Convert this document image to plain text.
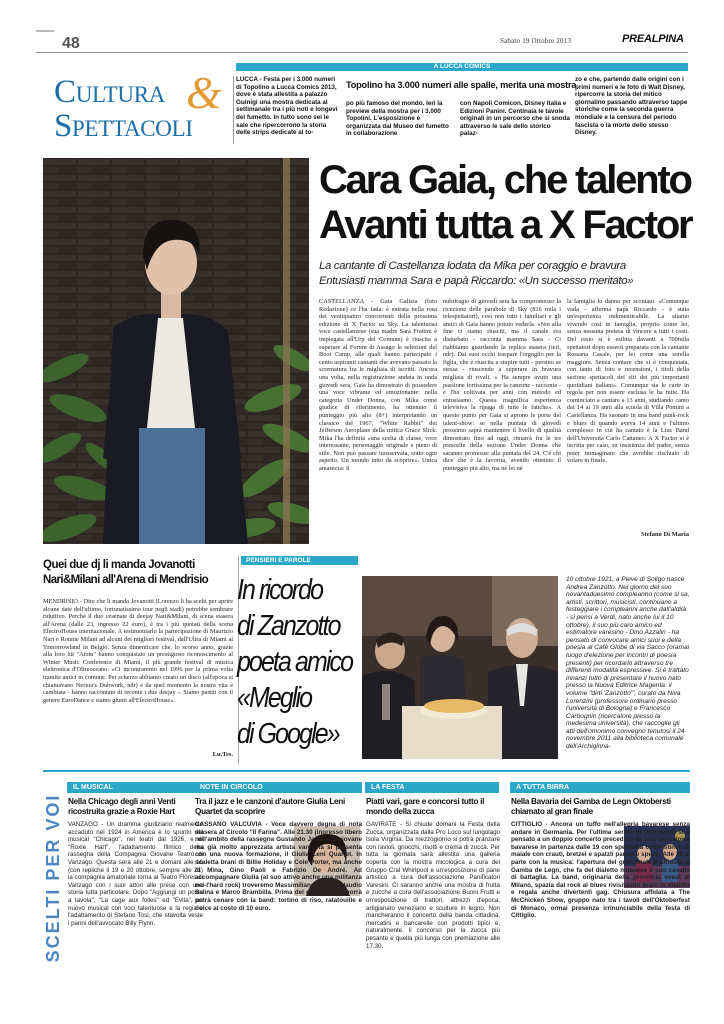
48	Sabato 19 Ottobre 2013	PREALPINA
A LUCCA COMICS
Cultura &
Spettacoli
LUCCA - Festa per i 3.000 numeri di Topolino a Lucca Comics 2013, dove è stata allestita a palazzo Guinigi una mostra dedicata al settimanale tra i più noti e longevi del fumetto. In tutto sono sei le sale che ripercorrono la storia delle strips dedicate al to-
Topolino ha 3.000 numeri alle spalle, merita una mostra
po più famoso del mondo. Ieri la preview della mostra per i 3.000 Topolini. L'esposizione è organizzata dal Museo del fumetto in collaborazione
con Napoli Comicon, Disney Italia e Edizioni Panini. Centinaia le tavole originali in un percorso che si snoda attraverso le sale dello storico palaz-
zo e che, partendo dalle origini con i primi numeri e le foto di Walt Disney, ripercorre la storia del mitico giornalino passando attraverso tappe storiche come la seconda guerra mondiale e la censura del periodo fascista o la morte dello stesso Disney.
Cara Gaia, che talento
Avanti tutta a X Factor
La cantante di Castellanza lodata da Mika per coraggio e bravura
Entusiasti mamma Sara e papà Riccardo: «Un successo meritato»
CASTELLANZA - Gaia Galizia (foto Redazione) ce l'ha fatta: è entrata nella rosa dei ventiquattro concorrenti della prossima edizione di X Factor su Sky. La talentuosa voce castellanzese (sua madre Sara Frattini è impiegata all'Urp del Comune) è riuscita a superare al Forum di Assago le selezioni del Boot Camp, alle quali hanno partecipato i cento aspiranti cantanti che avevano passato la scrematura fra le migliaia di iscritti. Ancora una volta, nella registrazione andata in onda giovedì sera, Gaia ha dimostrato di possedere una voce vibrante ed emozionante: nella categoria Under Donna, con Mika come giudice di riferimento, ha ottenuto il punteggio più alto (8+) interpretando un classico del 1967, "White Rabbit" dei Jefferson Aeroplane della mitica Grace Slick. Mika l'ha definita «una scelta di classe, voce interessante, personaggio originale e pieno di stile. Non può passare inosservata, sotto ogni aspetto. Un mondo tutto da scoprire». Unica amarezza: il
nubifragio di giovedì sera ha compromesso la ricezione delle parabole di Sky (816 mila i telespettatori), così non tutti i familiari e gli amici di Gaia hanno potuto vederla. «Noi alla fine ci siamo riusciti, ma il canale era disturbato - racconta mamma Sara - Ci riabbiamo guardando la replica stasera (ieri, ndr). Dai suoi occhi traspare l'orgoglio per la figlia, che è riuscita a stupire tutti - persino se stessa - riuscendo a superare in bravura migliaia di rivali. « Ha sempre avuto una passione fortissima per la canzone - racconta - e l'ha coltivata per anni con metodo ed entusiasmo. Questa magnifica esperienza televisiva la ripaga di tutte le fatiche». A questo punto per Gaia si aprono le porte del talent-show: se nella puntata di giovedì prossimo saprà mantenere il livello di qualità dimostrato fino ad oggi, rimarrà fra le tre prescelte della sezione Under Donna che saranno promosse alla puntata del 24. C'è chi dice che è la favorita, avendo ottenuto il punteggio più alto, ma né lei né
la famiglia lo danno per scontato. «Comunque vada - afferma papà Riccardo - è stata un'esperienza indimenticabile. La stiamo vivendo così in famiglia, proprio come lei, senza nessuna pretesa di vincere a tutti i costi. Del resto si è esibita davanti a 700mila spettatori dopo essersi preparata con la cantante Rossana Casale, per lei come una sorella maggiore. Senza contare che si è conquistata, con tanto di foto e recensioni, i titoli della sezione spettacoli dei siti dei più importanti quotidiani italiani». Comunque sia le carte in regola per non essere esclusa le ha tutte. Ha cominciato a cantare a 13 anni, studiando canto dai 14 ai 19 anni alla scuola di Villa Pomini a Castellanza. Ha suonato in una band punk-rock e blues di quando aveva 14 anni e l'ultimo complesso in cui ha cantato è la Liuc Band dell'Università Carlo Cattaneo. A X Factor si è iscritta per caso, su insistenza del padre, senza poter immaginare che avrebbe rischiato di volare in finale.
Stefano Di Maria
Quei due dj li manda Jovanotti
Nari&Milani all'Arena di Mendrisio
MENDRISIO - Dire che li manda Jovanotti (Lorenzo li ha scelti per aprire alcune date dell'ultimo, fortunatissimo tour negli stadi) potrebbe sembrare riduttivo. Perché il duo cesenate di deejay Nari&Milani, di scena stasera all'Arena (dalle 23, ingresso 22 euro), è tra i più quotati della scena ElectroHouse internazionale. A testimoniarlo la partecipazione di Maurizio Nari e Ronnie Milani ad alcuni dei migliori festival, dall'Ultra di Miami al Tomorrowland in Belgio. Senza dimenticare che, lo scorso anno, grazie alla loro hit "Atom" hanno conquistato un prestigioso riconoscimento al Winter Music Conference di Miami, il più grande festival di musica elettronica d'Oltreoceano. «Ci incontrammo nel 1996 per la prima volta tramite amici in comune. Per scherzo abbiamo creato un disco (all'epoca si chiamavano Neriou's Dubwork, ndr) e da quel momento la nostra vita è cambiata - hanno raccontato di recente i due deejay -. Siamo partiti con il genere EuroDance e siamo giunti all'ElectroHouse».
Lu.Tes.
PENSIERI E PAROLE
In ricordo
di Zanzotto
poeta amico
«Meglio
di Google»
10 ottobre 1921, a Pieve di Soligo nasce Andrea Zanzotto. Nel giorno del suo novantaduesimo compleanno (come si sa, artisti, scrittori, musicisti, continuano a festeggiare i compleanni anche dall'aldilà - si pensi a Verdi, nato anche lui il 10 ottobre), il suo più caro amico ed estimatore varesino - Dino Azzalin - ha pensato di convocare amici suoi e della poesia al Cafè Globe di via Sacco (oramai luogo d'elezione per incontri di poesia presenti) per ricordarlo attraverso tre differenti modalità espressive. Si è trattato innanzi tutto di presentare il nuovo nato presso la Nuova Editrice Magenta: il volume "dirti 'Zanzotto'", curato da Niva Lorenzini (professore ordinario presso l'università di Bologna) e Francesco Carbognin (ricercatore presso la medesima università), che raccoglie gli atti dell'omonimo convegno tenutosi il 24 novembre 2011 alla biblioteca comunale dell'Archiginna-
SCELTI PER VOI
IL MUSICAL
Nella Chicago degli anni Venti ricostruita grazie a Roxie Hart
VANZAGO - Un dramma giudiziario realmente accaduto nel 1924 in America è lo spunto del musical "Chicago", nei teatri dal 1926, e di "Roxie Hart", l'adattamento filmico della rassegna della Compagnia Giovane Teatro di Vanzago. Questa sera alle 21 e domani alle 16 (con repliche il 19 e 20 ottobre, sempre alle 21) la compagnia amatoriale torna al Teatro Flores di Vanzago con i suoi attori alle prese con una storia tutta particolare. Dopo "Aggiungi un posto a tavola", "La cage aux folles" ed "Evita", un nuovo musical con voci talentuose e la regia e l'adattamento di Stefano Tosi, che stavolta veste i panni dell'avvocato Billy Flynn.
NOTE IN CIRCOLO
Tra il jazz e le canzoni d'autore Giulia Leni Quartet da scoprire
CASSANO VALCUVIA - Voce davvero degna di nota stasera al Circolo "Il Farina". Alle 21.30 (ingresso libero nell'ambito della rassegna Gustando Jazz) una giovane ma già molto apprezzata artista varesina si presenta con una nuova formazione, il Giulia Leni Quartet. In scaletta brani di Billie Holiday e Cole Porter, ma anche di Mina, Gino Paoli e Fabrizio De André. Ad accompagnare Giulia (al suo attivo anche una militanza nel-l'hard rock) troveremo Massimiliano Salina, Claudio Salina e Marco Brambilla. Prima del concerto chi vorrà potrà cenare con la band: tortino di riso, ratatouille e dolce al costo di 10 euro.
LA FESTA
Piatti vari, gare e concorsi tutto il mondo della zucca
GAVIRATE - Si chiude domani la Festa della Zucca, organizzata dalla Pro Loco sul lungolago Isola Virginia. Da mezzogiorno si potrà pranzare con ravioli, gnocchi, risotti e crema di zucca. Per tutta la giornata sarà allestita una galleria coperta con la mostra micologica a cura del Gruppo Cral Whirlpool e un'esposizione di pane artistico a cura dell'associazione Panificatori Varesini. Ci saranno anche una mostra di frutta e zucche a cura dell'associazione Buoni Frutti e un'esposizione di trattori, attrezzi d'epoca, artigianato veneziano e sculture in legno. Non mancheranno il concerto della banda cittadina, mercatini e bancarelle con prodotti tipici e, naturalmente, il concorso per la zucca più pesante e quella più lunga con premiazione alle 17.30.
A TUTTA BIRRA
Nella Bavaria dei Gamba de Legn Oktoberstì chiamato al gran finale
CITTIGLIO - Ancora un tuffo nell'allegria bavarese senza andare in Germania. Per l'ultima serata di Oktoberstì si è pensato a un doppio concerto preceduto da una cena tipica bavarese in partenza dalle 19 con specialità come stinco di maiale con crauti, bretzel e spatzli panna e speck. Alle 21 si parte con la musica: l'apertura del gran finale è affidata ai Gamba de Legn, che fa del dialetto milanese il suo cavallo di battaglia. La band, originaria della provincia ovest di Milano, spazia dal rock al blues rivisitando brani in dialetto e regala anche divertenti gag. Chiusura affidata a The McChicken Show, gruppo nato tra i tavoli dell'Oktoberfest di Monaco, ormai presenza irrinunciabile della festa di Cittiglio.
